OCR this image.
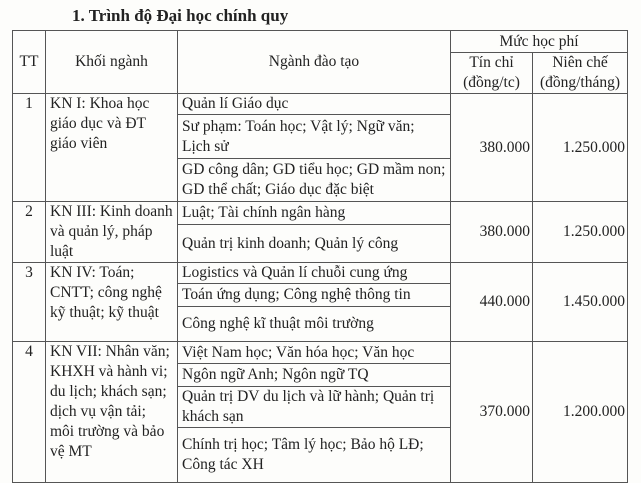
1. Trình độ Đại học chính quy
TT	Khối ngành	Ngành đào tạo	Mức học phí	
			Tín chỉ (đồng/tc)	Niên chế (đồng/tháng)
1	KN I: Khoa học giáo dục và ĐT giáo viên	Quản lí Giáo dục	380.000	1.250.000
		Sư phạm: Toán học; Vật lý; Ngữ văn; Lịch sử		
		GD công dân; GD tiểu học; GD mầm non; GD thể chất; Giáo dục đặc biệt		
2	KN III: Kinh doanh và quản lý, pháp luật	Luật; Tài chính ngân hàng	380.000	1.250.000
		Quản trị kinh doanh; Quản lý công		
3	KN IV: Toán; CNTT; công nghệ kỹ thuật; kỹ thuật	Logistics và Quản lí chuỗi cung ứng	440.000	1.450.000
		Toán ứng dụng; Công nghệ thông tin		
		Công nghệ kĩ thuật môi trường		
4	KN VII: Nhân văn; KHXH và hành vi; du lịch; khách sạn; dịch vụ vận tải; môi trường và bảo vệ MT	Việt Nam học; Văn hóa học; Văn học	370.000	1.200.000
		Ngôn ngữ Anh; Ngôn ngữ TQ		
		Quản trị DV du lịch và lữ hành; Quản trị khách sạn		
		Chính trị học; Tâm lý học; Bảo hộ LĐ; Công tác XH		
